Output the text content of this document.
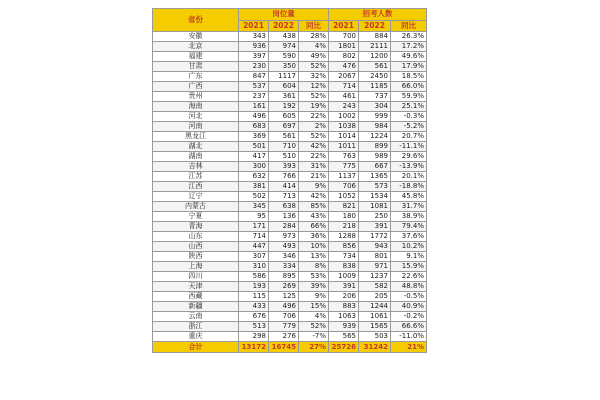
省份	岗位量			招考人数		
	2021	2022	同比	2021	2022	同比
安徽	343	438	28%	700	884	26.3%
北京	936	974	4%	1801	2111	17.2%
福建	397	590	49%	802	1200	49.6%
甘肃	230	350	52%	476	561	17.9%
广东	847	1117	32%	2067	2450	18.5%
广西	537	604	12%	714	1185	66.0%
贵州	237	361	52%	461	737	59.9%
海南	161	192	19%	243	304	25.1%
河北	496	605	22%	1002	999	-0.3%
河南	683	697	2%	1038	984	-5.2%
黑龙江	369	561	52%	1014	1224	20.7%
湖北	501	710	42%	1011	899	-11.1%
湖南	417	510	22%	763	989	29.6%
吉林	300	393	31%	775	667	-13.9%
江苏	632	766	21%	1137	1365	20.1%
江西	381	414	9%	706	573	-18.8%
辽宁	502	713	42%	1052	1534	45.8%
内蒙古	345	638	85%	821	1081	31.7%
宁夏	95	136	43%	180	250	38.9%
青海	171	284	66%	218	391	79.4%
山东	714	973	36%	1288	1772	37.6%
山西	447	493	10%	856	943	10.2%
陕西	307	346	13%	734	801	9.1%
上海	310	334	8%	838	971	15.9%
四川	586	895	53%	1009	1237	22.6%
天津	193	269	39%	391	582	48.8%
西藏	115	125	9%	206	205	-0.5%
新疆	433	496	15%	883	1244	40.9%
云南	676	706	4%	1063	1061	-0.2%
浙江	513	779	52%	939	1565	66.6%
重庆	298	276	-7%	565	503	-11.0%
合计	13172	16745	27%	25726	31242	21%
